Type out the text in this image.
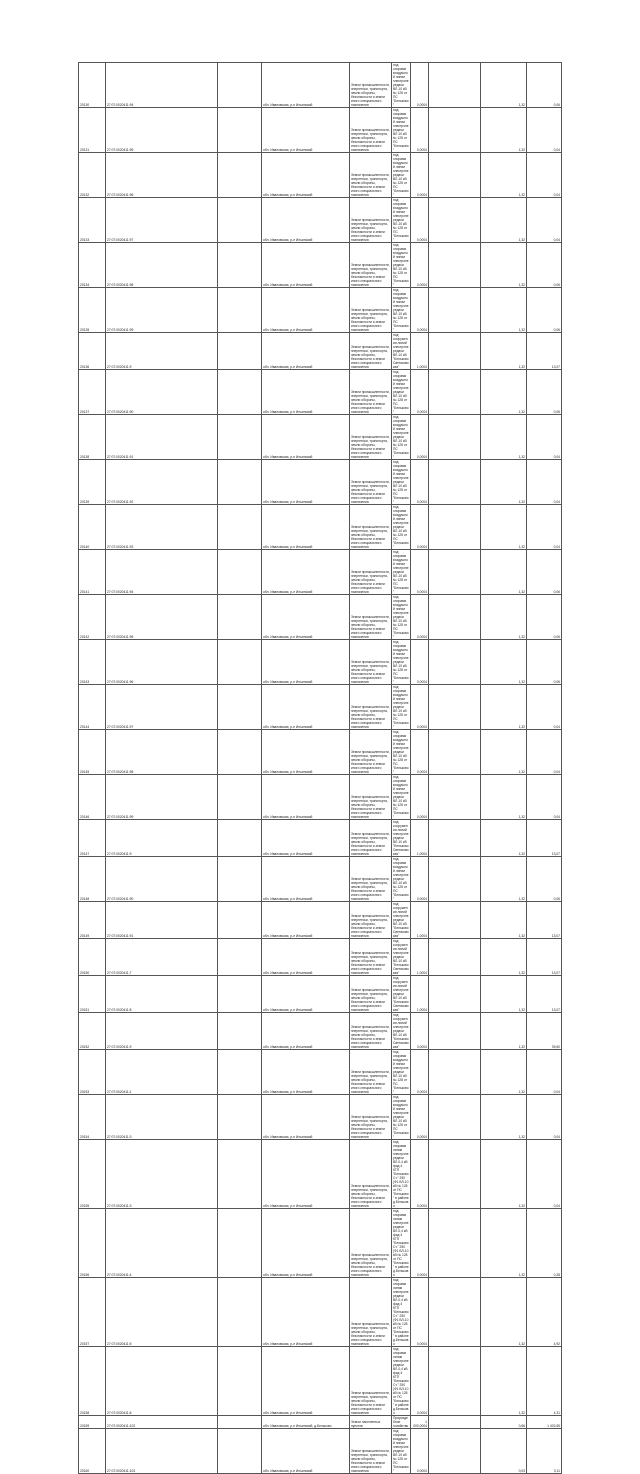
20130	27:07:0020411:94		обл. Ивановская, р-н Ильинский	Земли промышленности, энергетики, транспорта, земли обороны, безопасности и земли иного специального назначения	под опорами воздушной линии электропередачи ВЛ-10 кВ № 128 от ПС "Бельково"	0,0004		1,32	0,06
20131	27:07:0020411:95		обл. Ивановская, р-н Ильинский	Земли промышленности, энергетики, транспорта, земли обороны, безопасности и земли иного специального назначения	под опорами воздушной линии электропередачи ВЛ-10 кВ № 128 от ПС "Бельково"	0,0004		1,32	0,04
20132	27:07:0020411:96		обл. Ивановская, р-н Ильинский	Земли промышленности, энергетики, транспорта, земли обороны, безопасности и земли иного специального назначения	под опорами воздушной линии электропередачи ВЛ-10 кВ № 128 от ПС "Бельково"	0,0004		1,32	0,04
20133	27:07:0020411:97		обл. Ивановская, р-н Ильинский	Земли промышленности, энергетики, транспорта, земли обороны, безопасности и земли иного специального назначения	под опорами воздушной линии электропередачи ВЛ-10 кВ № 128 от ПС "Бельково"	0,0004		1,32	0,04
20134	27:07:0020411:98		обл. Ивановская, р-н Ильинский	Земли промышленности, энергетики, транспорта, земли обороны, безопасности и земли иного специального назначения	под опорами воздушной линии электропередачи ВЛ-10 кВ № 128 от ПС "Бельково"	0,0004		1,32	0,06
20135	27:07:0020411:99		обл. Ивановская, р-н Ильинский	Земли промышленности, энергетики, транспорта, земли обороны, безопасности и земли иного специального назначения	под опорами воздушной линии электропередачи ВЛ-10 кВ № 128 от ПС "Бельково"	0,0004		1,32	0,06
20136	27:07:0020411:9		обл. Ивановская, р-н Ильинский	Земли промышленности, энергетики, транспорта, земли обороны, безопасности и земли иного специального назначения	под сооружения линий электропередачи ВЛ-10 кВ "Бельково Светиковская"	1,0004		1,32	13,07
20137	27:07:0020411:90		обл. Ивановская, р-н Ильинский	Земли промышленности, энергетики, транспорта, земли обороны, безопасности и земли иного специального назначения	под опорами воздушной линии электропередачи ВЛ-10 кВ № 128 от ПС "Бельково"	0,0004		1,32	0,06
20138	27:07:0020411:91		обл. Ивановская, р-н Ильинский	Земли промышленности, энергетики, транспорта, земли обороны, безопасности и земли иного специального назначения	под опорами воздушной линии электропередачи ВЛ-10 кВ № 128 от ПС "Бельково"	0,0004		1,32	0,04
20139	27:07:0020411:92		обл. Ивановская, р-н Ильинский	Земли промышленности, энергетики, транспорта, земли обороны, безопасности и земли иного специального назначения	под опорами воздушной линии электропередачи ВЛ-10 кВ № 128 от ПС "Бельково"	0,0004		1,32	0,04
20140	27:07:0020411:93		обл. Ивановская, р-н Ильинский	Земли промышленности, энергетики, транспорта, земли обороны, безопасности и земли иного специального назначения	под опорами воздушной линии электропередачи ВЛ-10 кВ № 128 от ПС "Бельково"	0,0004		1,32	0,04
20141	27:07:0020411:94		обл. Ивановская, р-н Ильинский	Земли промышленности, энергетики, транспорта, земли обороны, безопасности и земли иного специального назначения	под опорами воздушной линии электропередачи ВЛ-10 кВ № 128 от ПС "Бельково"	0,0004		1,32	0,06
20142	27:07:0020411:95		обл. Ивановская, р-н Ильинский	Земли промышленности, энергетики, транспорта, земли обороны, безопасности и земли иного специального назначения	под опорами воздушной линии электропередачи ВЛ-10 кВ № 128 от ПС "Бельково"	0,0004		1,32	0,06
20143	27:07:0020411:96		обл. Ивановская, р-н Ильинский	Земли промышленности, энергетики, транспорта, земли обороны, безопасности и земли иного специального назначения	под опорами воздушной линии электропередачи ВЛ-10 кВ № 128 от ПС "Бельково"	0,0004		1,32	0,06
20144	27:07:0020411:97		обл. Ивановская, р-н Ильинский	Земли промышленности, энергетики, транспорта, земли обороны, безопасности и земли иного специального назначения	под опорами воздушной линии электропередачи ВЛ-10 кВ № 128 от ПС "Бельково"	0,0004		1,32	0,04
20145	27:07:0020411:98		обл. Ивановская, р-н Ильинский	Земли промышленности, энергетики, транспорта, земли обороны, безопасности и земли иного специального назначения	под опорами воздушной линии электропередачи ВЛ-10 кВ № 128 от ПС "Бельково"	0,0004		1,32	0,04
20146	27:07:0020411:99		обл. Ивановская, р-н Ильинский	Земли промышленности, энергетики, транспорта, земли обороны, безопасности и земли иного специального назначения	под опорами воздушной линии электропередачи ВЛ-10 кВ № 128 от ПС "Бельково"	0,0004		1,32	0,04
20147	27:07:0020411:9		обл. Ивановская, р-н Ильинский	Земли промышленности, энергетики, транспорта, земли обороны, безопасности и земли иного специального назначения	под сооружения линий электропередачи ВЛ-10 кВ "Бельково Светиковская"	1,0004		1,32	13,07
20148	27:07:0020411:90		обл. Ивановская, р-н Ильинский	Земли промышленности, энергетики, транспорта, земли обороны, безопасности и земли иного специального назначения	под опорами воздушной линии электропередачи ВЛ-10 кВ № 128 от ПС "Бельково"	0,0004		1,32	0,06
20149	27:07:0020411:91		обл. Ивановская, р-н Ильинский	Земли промышленности, энергетики, транспорта, земли обороны, безопасности и земли иного специального назначения	под сооружения линий электропередачи ВЛ-10 кВ "Бельково Светиковская"	1,0004		1,32	13,07
20150	27:07:0020411:7		обл. Ивановская, р-н Ильинский	Земли промышленности, энергетики, транспорта, земли обороны, безопасности и земли иного специального назначения	под сооружения линий электропередачи ВЛ-10 кВ "Бельково Светиковская"	1,0004		1,32	13,07
20151	27:07:0020411:8		обл. Ивановская, р-н Ильинский	Земли промышленности, энергетики, транспорта, земли обороны, безопасности и земли иного специального назначения	под сооружения линий электропередачи ВЛ-10 кВ "Бельково Светиковская"	1,0004		1,32	13,07
20152	27:07:0020411:9		обл. Ивановская, р-н Ильинский	Земли промышленности, энергетики, транспорта, земли обороны, безопасности и земли иного специального назначения	под сооружения линий электропередачи ВЛ-10 кВ "Бельково Светиковская"	3,0004		1,32	39,60
20153	27:07:0020411:1		обл. Ивановская, р-н Ильинский	Земли промышленности, энергетики, транспорта, земли обороны, безопасности и земли иного специального назначения	под опорами воздушной линии электропередачи ВЛ-10 кВ № 128 от ПС "Бельково"	0,0004		1,32	0,04
20154	27:07:0020411:3		обл. Ивановская, р-н Ильинский	Земли промышленности, энергетики, транспорта, земли обороны, безопасности и земли иного специального назначения	под опорами воздушной линии электропередачи ВЛ-10 кВ № 128 от ПС "Бельково"	0,0004		1,32	0,04
20155	27:07:0020411:3		обл. Ивановская, р-н Ильинский	Земли промышленности, энергетики, транспорта, земли обороны, безопасности и земли иного специального назначения	под опорами линии электропередачи ВЛ-0,4 кВ фид 4 КТП "Бельково Ст." 250 (Ф1 ВЛ-10 кВ № 128 от ПС "Бельково" в районе д.Бельково	0,0004		1,32	0,04
20156	27:07:0020411:4		обл. Ивановская, р-н Ильинский	Земли промышленности, энергетики, транспорта, земли обороны, безопасности и земли иного специального назначения	под опорами линии электропередачи ВЛ-0,4 кВ фид 4 КТП "Бельково Ст." 250 (Ф1 ВЛ-10 кВ № 128 от ПС "Бельково" в районе д.Бельково	0,0004		1,32	0,28
20157	27:07:0020411:5		обл. Ивановская, р-н Ильинский	Земли промышленности, энергетики, транспорта, земли обороны, безопасности и земли иного специального назначения	под опорами линии электропередачи ВЛ-0,4 кВ фид 4 КТП "Бельково Ст." 250 (Ф1 ВЛ-10 кВ № 128 от ПС "Бельково" в районе д.Бельково	0,0004		1,32	4,92
20158	27:07:0020411:6		обл. Ивановская, р-н Ильинский	Земли промышленности, энергетики, транспорта, земли обороны, безопасности и земли иного специального назначения	под опорами линии электропередачи ВЛ-0,4 кВ фид 4 КТП "Бельково Ст." 250 (Ф1 ВЛ-10 кВ № 128 от ПС "Бельково" в районе д.Бельково	0,0004		1,32	4,31
20159	27:07:0020411:102		обл. Ивановская, р-н Ильинский, д.Бельково	Земли населенных пунктов	Приусадебное хозяйство	1 000,0004		0,66	1 402,65
20160	27:07:0020411:103		обл. Ивановская, р-н Ильинский	Земли промышленности, энергетики, транспорта, земли обороны, безопасности и земли иного специального назначения	под опорами воздушной линии электропередачи ВЛ-10 кВ № 128 от ПС "Бельково"	0,0004		0,03	0,11
